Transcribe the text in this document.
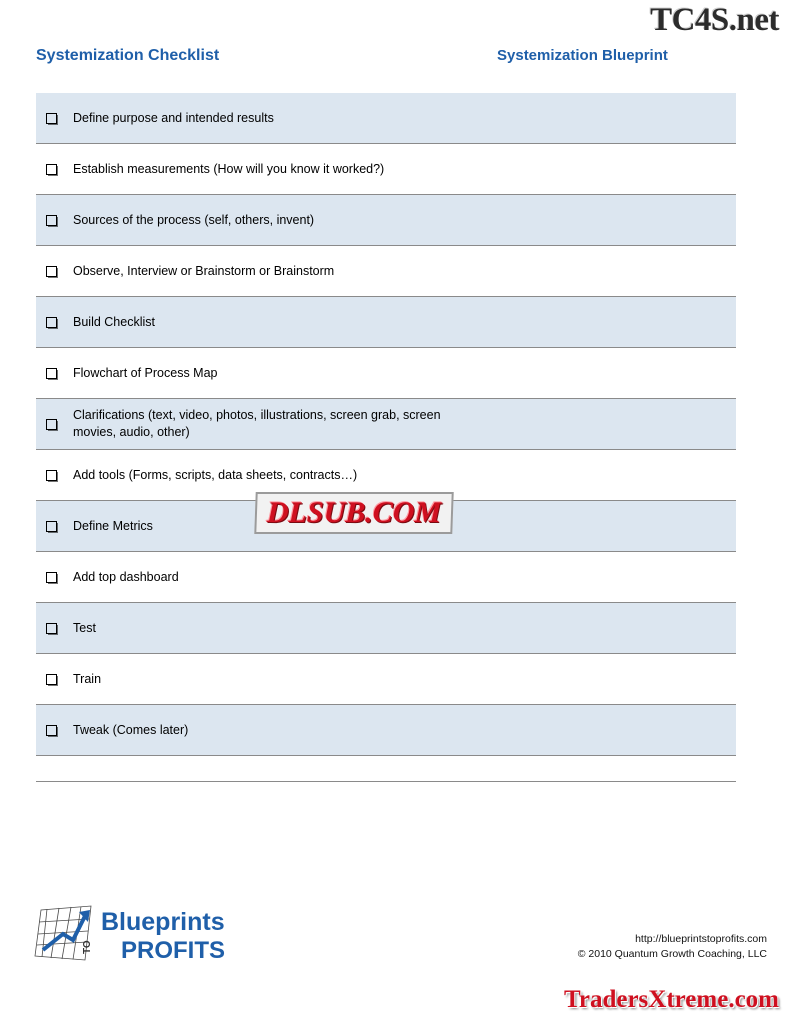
TC4S.net
Systemization Checklist	Systemization Blueprint
Define purpose and intended results	

Establish measurements (How will you know it worked?)	

Sources of the process (self, others, invent)	

Observe, Interview or Brainstorm or Brainstorm	

Build Checklist	

Flowchart of Process Map	

Clarifications (text, video, photos, illustrations, screen grab, screen movies, audio, other)	

Add tools (Forms, scripts, data sheets, contracts…)	

Define Metrics	

Add top dashboard	

Test	

Train	

Tweak (Comes later)	

DLSUB.COM
Blueprints
TO PROFITS	http://blueprintstoprofits.com
© 2010 Quantum Growth Coaching, LLC
TradersXtreme.com
